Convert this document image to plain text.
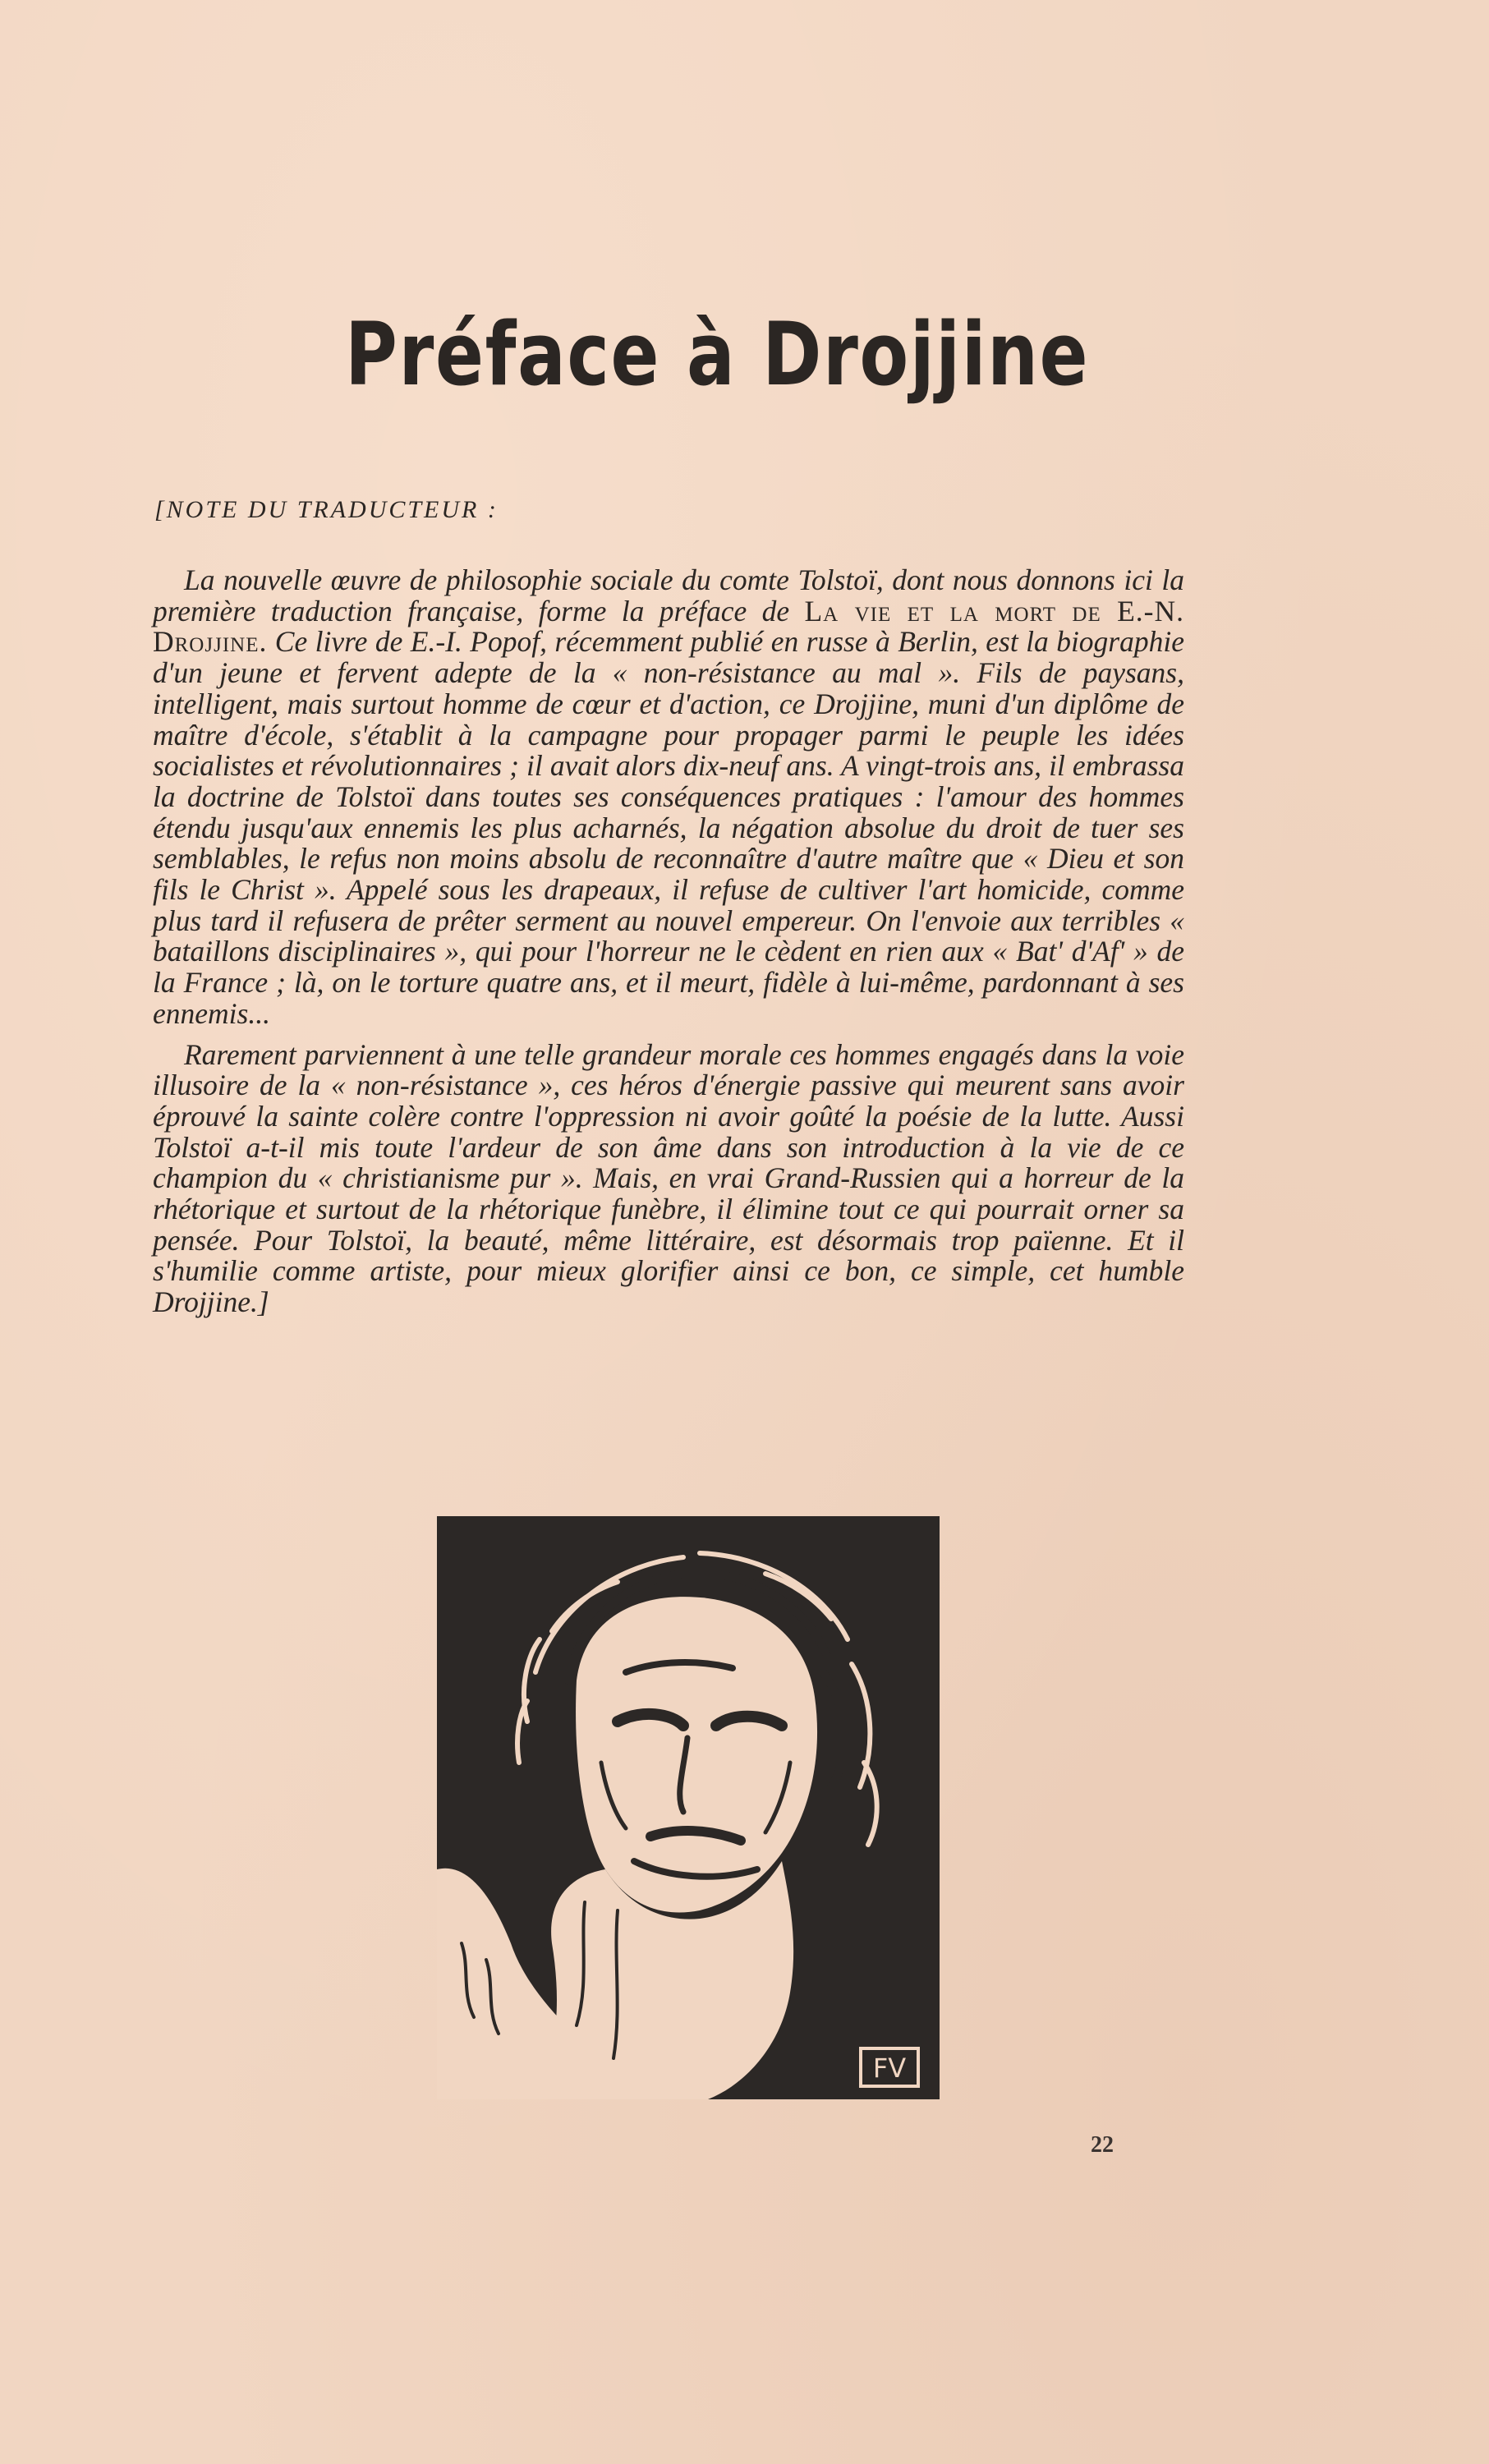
Préface à Drojjine
[NOTE DU TRADUCTEUR :

La nouvelle œuvre de philosophie sociale du comte Tolstoï, dont nous donnons ici la première traduction française, forme la préface de La vie et la mort de E.-N. Drojjine. Ce livre de E.-I. Popof, récemment publié en russe à Berlin, est la biographie d'un jeune et fervent adepte de la « non-résistance au mal ». Fils de paysans, intelligent, mais surtout homme de cœur et d'action, ce Drojjine, muni d'un diplôme de maître d'école, s'établit à la campagne pour propager parmi le peuple les idées socialistes et révolutionnaires ; il avait alors dix-neuf ans. A vingt-trois ans, il embrassa la doctrine de Tolstoï dans toutes ses conséquences pratiques : l'amour des hommes étendu jusqu'aux ennemis les plus acharnés, la négation absolue du droit de tuer ses semblables, le refus non moins absolu de reconnaître d'autre maître que « Dieu et son fils le Christ ». Appelé sous les drapeaux, il refuse de cultiver l'art homicide, comme plus tard il refusera de prêter serment au nouvel empereur. On l'envoie aux terribles « bataillons disciplinaires », qui pour l'horreur ne le cèdent en rien aux « Bat' d'Af' » de la France ; là, on le torture quatre ans, et il meurt, fidèle à lui-même, pardonnant à ses ennemis...

Rarement parviennent à une telle grandeur morale ces hommes engagés dans la voie illusoire de la « non-résistance », ces héros d'énergie passive qui meurent sans avoir éprouvé la sainte colère contre l'oppression ni avoir goûté la poésie de la lutte. Aussi Tolstoï a-t-il mis toute l'ardeur de son âme dans son introduction à la vie de ce champion du « christianisme pur ». Mais, en vrai Grand-Russien qui a horreur de la rhétorique et surtout de la rhétorique funèbre, il élimine tout ce qui pourrait orner sa pensée. Pour Tolstoï, la beauté, même littéraire, est désormais trop païenne. Et il s'humilie comme artiste, pour mieux glorifier ainsi ce bon, ce simple, cet humble Drojjine.]

FV
22
